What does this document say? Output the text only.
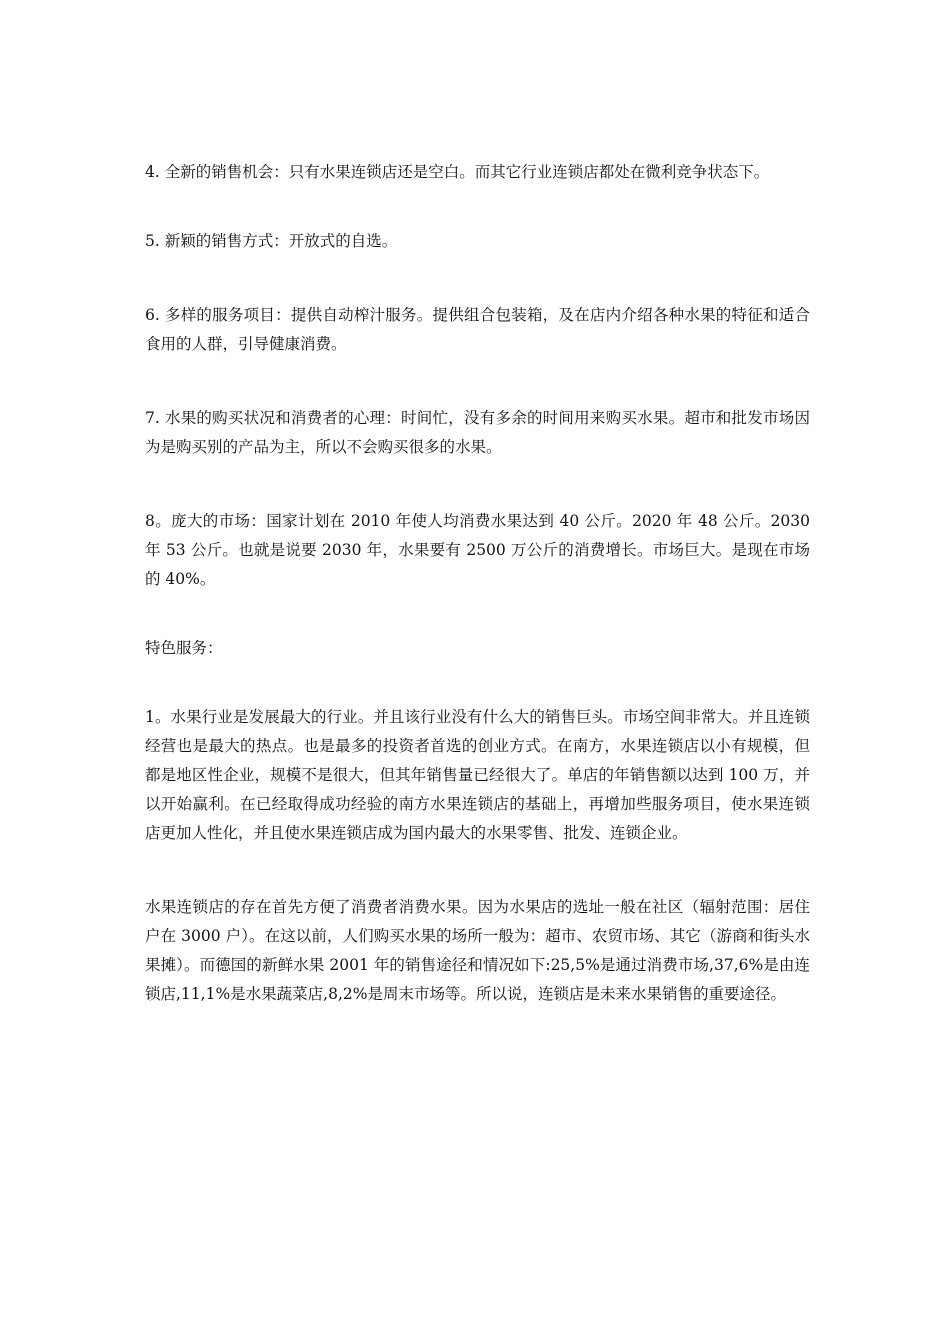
4. 全新的销售机会：只有水果连锁店还是空白。而其它行业连锁店都处在微利竞争状态下。

5. 新颖的销售方式：开放式的自选。

6. 多样的服务项目：提供自动榨汁服务。提供组合包装箱，及在店内介绍各种水果的特征和适合食用的人群，引导健康消费。

7. 水果的购买状况和消费者的心理：时间忙，没有多余的时间用来购买水果。超市和批发市场因为是购买别的产品为主，所以不会购买很多的水果。

8。庞大的市场：国家计划在 2010 年使人均消费水果达到 40 公斤。2020 年 48 公斤。2030 年 53 公斤。也就是说要 2030 年，水果要有 2500 万公斤的消费增长。市场巨大。是现在市场的 40%。

特色服务：

1。水果行业是发展最大的行业。并且该行业没有什么大的销售巨头。市场空间非常大。并且连锁经营也是最大的热点。也是最多的投资者首选的创业方式。在南方，水果连锁店以小有规模，但都是地区性企业，规模不是很大，但其年销售量已经很大了。单店的年销售额以达到 100 万，并以开始赢利。在已经取得成功经验的南方水果连锁店的基础上，再增加些服务项目，使水果连锁店更加人性化，并且使水果连锁店成为国内最大的水果零售、批发、连锁企业。

水果连锁店的存在首先方便了消费者消费水果。因为水果店的选址一般在社区（辐射范围：居住户在 3000 户）。在这以前，人们购买水果的场所一般为：超市、农贸市场、其它（游商和街头水果摊）。而德国的新鲜水果 2001 年的销售途径和情况如下:25,5%是通过消费市场,37,6%是由连锁店,11,1%是水果蔬菜店,8,2%是周末市场等。所以说，连锁店是未来水果销售的重要途径。
